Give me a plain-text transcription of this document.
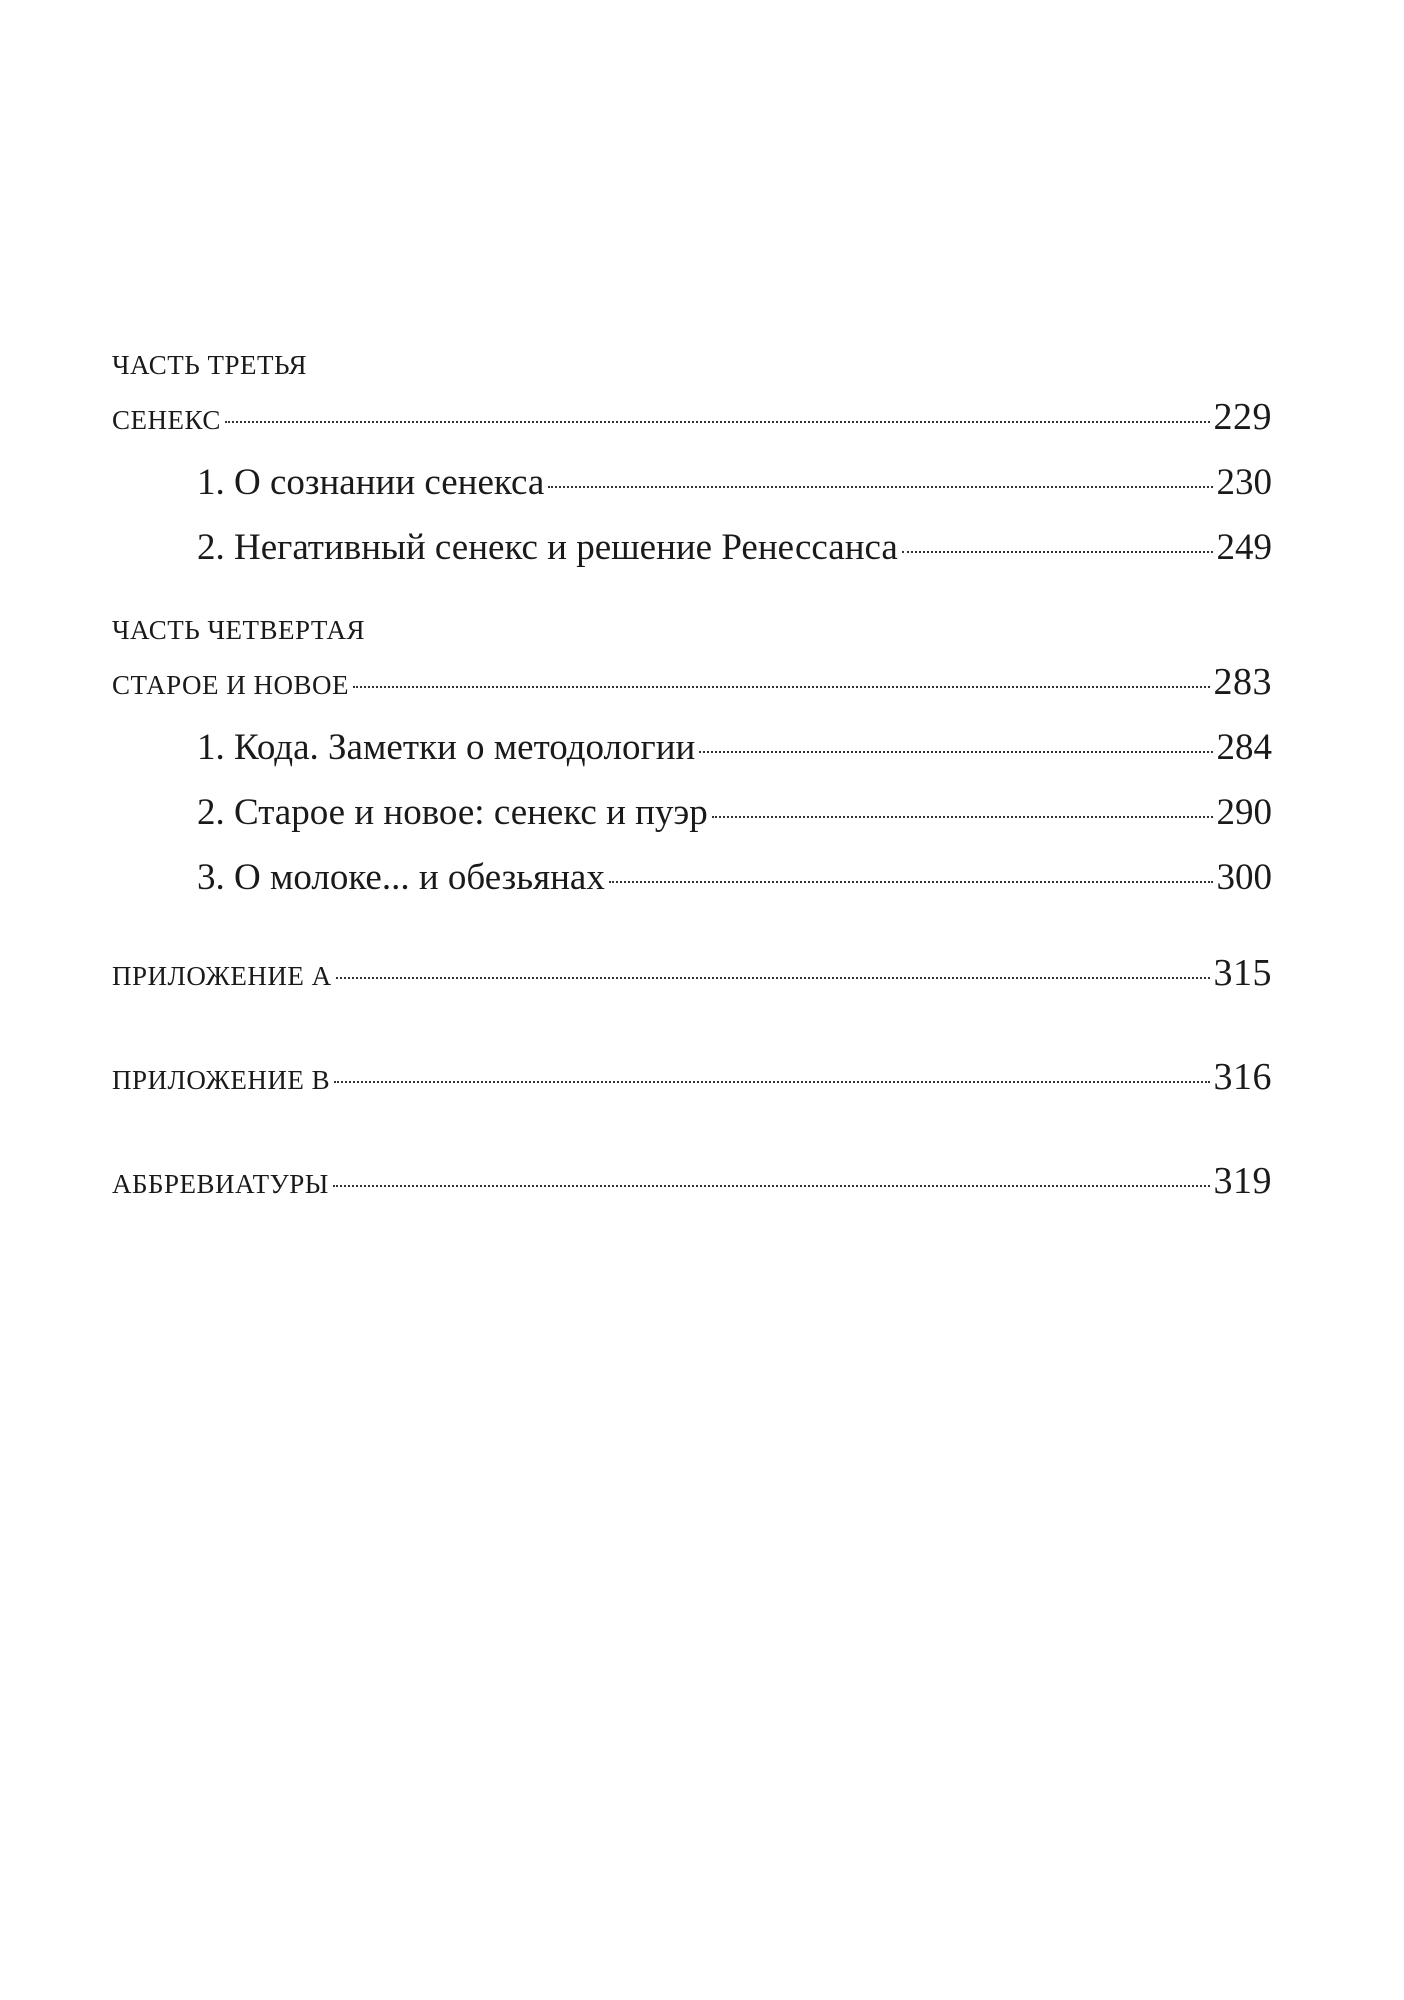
ЧАСТЬ ТРЕТЬЯ
СЕНЕКС	229
1. О сознании сенекса	230
2. Негативный сенекс и решение Ренессанса	249
ЧАСТЬ ЧЕТВЕРТАЯ
СТАРОЕ И НОВОЕ	283
1. Кода. Заметки о методологии	284
2. Старое и новое: сенекс и пуэр	290
3. О молоке... и обезьянах	300
ПРИЛОЖЕНИЕ А	315
ПРИЛОЖЕНИЕ В	316
АББРЕВИАТУРЫ	319
